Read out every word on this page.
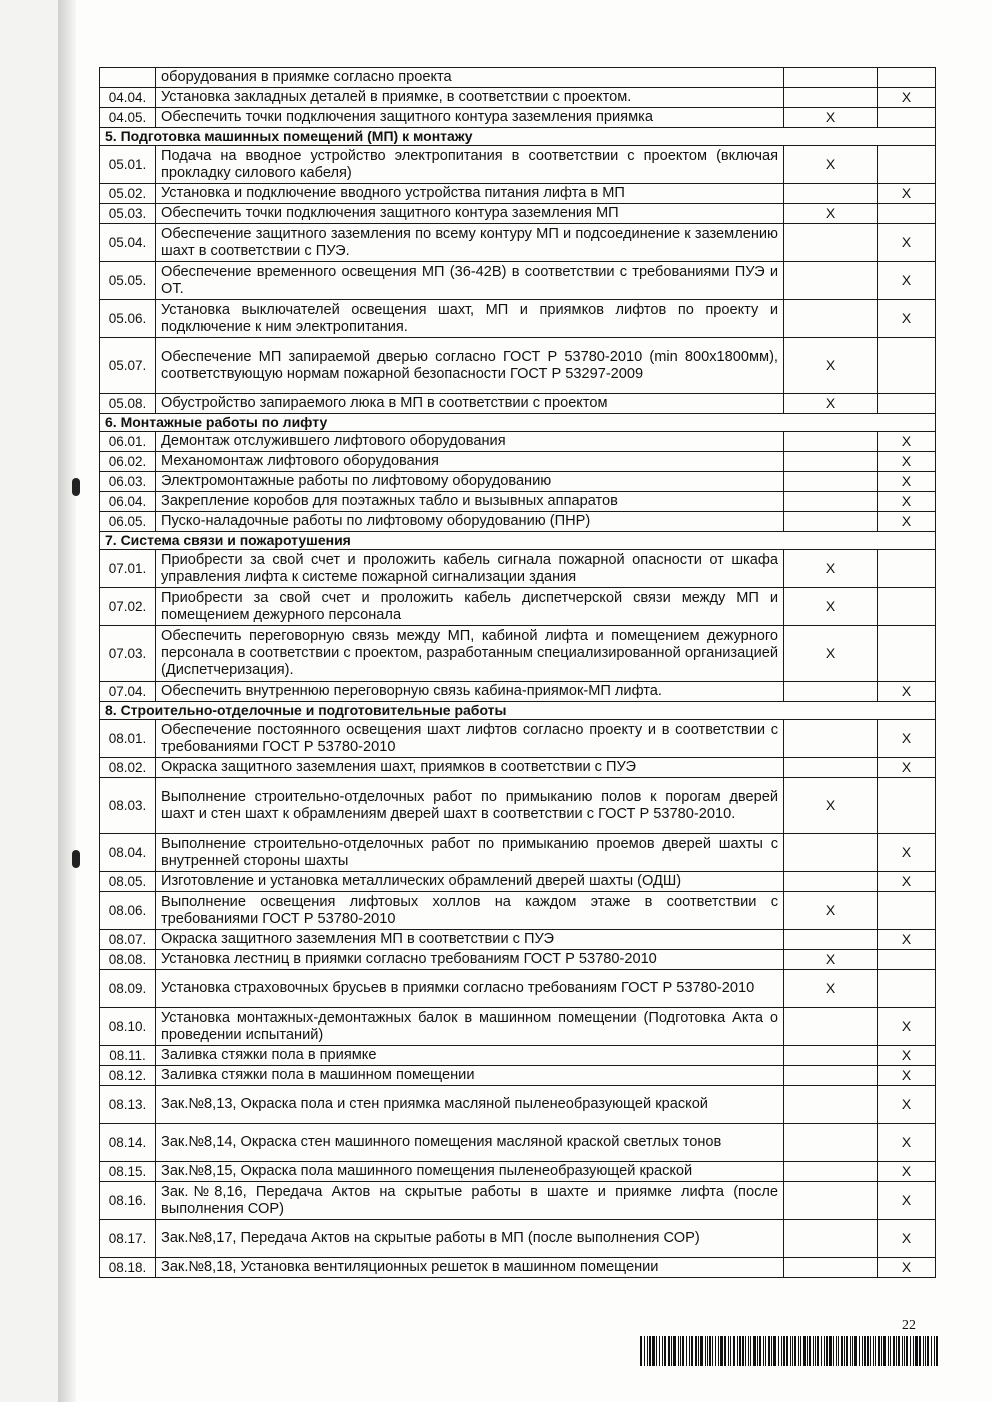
	оборудования в приямке согласно проекта		
04.04.	Установка закладных деталей в приямке, в соответствии с проектом.		X
04.05.	Обеспечить точки подключения защитного контура заземления приямка	X	
5. Подготовка машинных помещений (МП) к монтажу			
05.01.	Подача на вводное устройство электропитания в соответствии с проектом (включая прокладку силового кабеля)	X	
05.02.	Установка и подключение вводного устройства питания лифта в МП		X
05.03.	Обеспечить точки подключения защитного контура заземления МП	X	
05.04.	Обеспечение защитного заземления по всему контуру МП и подсоединение к заземлению шахт в соответствии с ПУЭ.		X
05.05.	Обеспечение временного освещения МП (36-42В) в соответствии с требованиями ПУЭ и ОТ.		X
05.06.	Установка выключателей освещения шахт, МП и приямков лифтов по проекту и подключение к ним электропитания.		X
05.07.	Обеспечение МП запираемой дверью согласно ГОСТ Р 53780-2010 (min 800x1800мм), соответствующую нормам пожарной безопасности ГОСТ Р 53297-2009	X	
05.08.	Обустройство запираемого люка в МП в соответствии с проектом	X	
6. Монтажные работы по лифту			
06.01.	Демонтаж отслужившего лифтового оборудования		X
06.02.	Механомонтаж лифтового оборудования		X
06.03.	Электромонтажные работы по лифтовому оборудованию		X
06.04.	Закрепление коробов для поэтажных табло и вызывных аппаратов		X
06.05.	Пуско-наладочные работы по лифтовому оборудованию (ПНР)		X
7. Система связи и пожаротушения			
07.01.	Приобрести за свой счет и проложить кабель сигнала пожарной опасности от шкафа управления лифта к системе пожарной сигнализации здания	X	
07.02.	Приобрести за свой счет и проложить кабель диспетчерской связи между МП и помещением дежурного персонала	X	
07.03.	Обеспечить переговорную связь между МП, кабиной лифта и помещением дежурного персонала в соответствии с проектом, разработанным специализированной организацией (Диспетчеризация).	X	
07.04.	Обеспечить внутреннюю переговорную связь кабина-приямок-МП лифта.		X
8. Строительно-отделочные и подготовительные работы			
08.01.	Обеспечение постоянного освещения шахт лифтов согласно проекту и в соответствии с требованиями ГОСТ Р 53780-2010		X
08.02.	Окраска защитного заземления шахт, приямков в соответствии с ПУЭ		X
08.03.	Выполнение строительно-отделочных работ по примыканию полов к порогам дверей шахт и стен шахт к обрамлениям дверей шахт в соответствии с ГОСТ Р 53780-2010.	X	
08.04.	Выполнение строительно-отделочных работ по примыканию проемов дверей шахты с внутренней стороны шахты		X
08.05.	Изготовление и установка металлических обрамлений дверей шахты (ОДШ)		X
08.06.	Выполнение освещения лифтовых холлов на каждом этаже в соответствии с требованиями ГОСТ Р 53780-2010	X	
08.07.	Окраска защитного заземления МП в соответствии с ПУЭ		X
08.08.	Установка лестниц в приямки согласно требованиям ГОСТ Р 53780-2010	X	
08.09.	Установка страховочных брусьев в приямки согласно требованиям ГОСТ Р 53780-2010	X	
08.10.	Установка монтажных-демонтажных балок в машинном помещении (Подготовка Акта о проведении испытаний)		X
08.11.	Заливка стяжки пола в приямке		X
08.12.	Заливка стяжки пола в машинном помещении		X
08.13.	Зак.№8,13, Окраска пола и стен приямка масляной пыленеобразующей краской		X
08.14.	Зак.№8,14, Окраска стен машинного помещения масляной краской светлых тонов		X
08.15.	Зак.№8,15, Окраска пола машинного помещения пыленеобразующей краской		X
08.16.	Зак.№8,16, Передача Актов на скрытые работы в шахте и приямке лифта (после выполнения СОР)		X
08.17.	Зак.№8,17, Передача Актов на скрытые работы в МП (после выполнения СОР)		X
08.18.	Зак.№8,18, Установка вентиляционных решеток в машинном помещении		X
22
